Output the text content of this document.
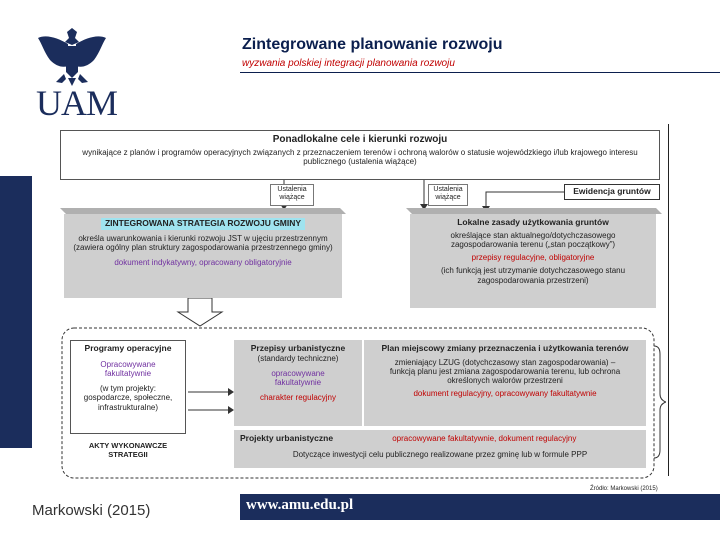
Zintegrowane planowanie rozwoju
wyzwania polskiej integracji planowania rozwoju
UAM
Ponadlokalne cele i kierunki rozwoju
wynikające z planów i programów operacyjnych związanych z przeznaczeniem terenów i ochroną walorów o statusie wojewódzkiego i/lub krajowego interesu publicznego (ustalenia wiążące)
Ustalenia wiążące
Ustalenia wiążące
Ewidencja gruntów
ZINTEGROWANA STRATEGIA ROZWOJU GMINY
określa uwarunkowania i kierunki rozwoju JST w ujęciu przestrzennym (zawiera ogólny plan struktury zagospodarowania przestrzennego gminy)
dokument indykatywny, opracowany obligatoryjnie
Lokalne zasady użytkowania gruntów
określające stan aktualnego/dotychczasowego zagospodarowania terenu („stan początkowy”)
przepisy regulacyjne, obligatoryjne
(ich funkcją jest utrzymanie dotychczasowego stanu zagospodarowania przestrzeni)
Programy operacyjne
Opracowywane fakultatywnie
(w tym projekty: gospodarcze, społeczne, infrastrukturalne)
AKTY WYKONAWCZE STRATEGII
Przepisy urbanistyczne
(standardy techniczne)
opracowywane fakultatywnie
charakter regulacyjny
Plan miejscowy zmiany przeznaczenia i użytkowania terenów
zmieniający LZUG (dotychczasowy stan zagospodarowania) – funkcją planu jest zmiana zagospodarowania terenu, lub ochrona określonych walorów przestrzeni
dokument regulacyjny, opracowywany fakultatywnie
Projekty urbanistyczne	opracowywane fakultatywnie, dokument regulacyjny
Dotyczące inwestycji celu publicznego realizowane przez gminę lub w formule PPP
Źródło: Markowski (2015)
Markowski (2015)	www.amu.edu.pl
